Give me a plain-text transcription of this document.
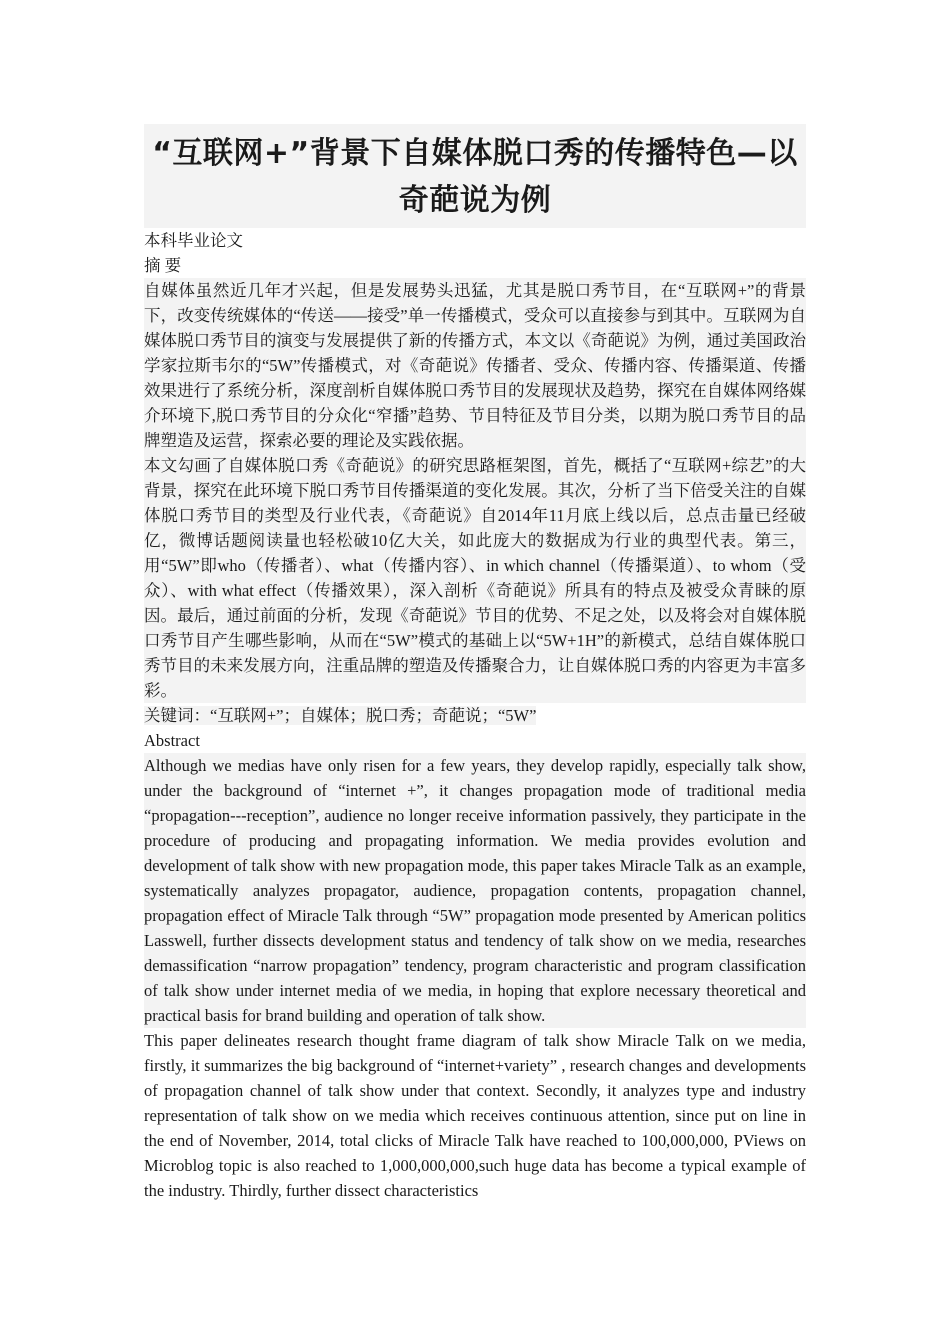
“互联网+”背景下自媒体脱口秀的传播特色—以奇葩说为例

本科毕业论文

摘 要

自媒体虽然近几年才兴起，但是发展势头迅猛，尤其是脱口秀节目，在“互联网+”的背景下，改变传统媒体的“传送——接受”单一传播模式，受众可以直接参与到其中。互联网为自媒体脱口秀节目的演变与发展提供了新的传播方式，本文以《奇葩说》为例，通过美国政治学家拉斯韦尔的“5W”传播模式，对《奇葩说》传播者、受众、传播内容、传播渠道、传播效果进行了系统分析，深度剖析自媒体脱口秀节目的发展现状及趋势，探究在自媒体网络媒介环境下,脱口秀节目的分众化“窄播”趋势、节目特征及节目分类，以期为脱口秀节目的品牌塑造及运营，探索必要的理论及实践依据。

本文勾画了自媒体脱口秀《奇葩说》的研究思路框架图，首先，概括了“互联网+综艺”的大背景，探究在此环境下脱口秀节目传播渠道的变化发展。其次，分析了当下倍受关注的自媒体脱口秀节目的类型及行业代表，《奇葩说》自2014年11月底上线以后，总点击量已经破亿，微博话题阅读量也轻松破10亿大关，如此庞大的数据成为行业的典型代表。第三，用“5W”即who（传播者）、what（传播内容）、in which channel（传播渠道）、to whom（受众）、with what effect（传播效果），深入剖析《奇葩说》所具有的特点及被受众青睐的原因。最后，通过前面的分析，发现《奇葩说》节目的优势、不足之处，以及将会对自媒体脱口秀节目产生哪些影响，从而在“5W”模式的基础上以“5W+1H”的新模式，总结自媒体脱口秀节目的未来发展方向，注重品牌的塑造及传播聚合力，让自媒体脱口秀的内容更为丰富多彩。

关键词：“互联网+”；自媒体；脱口秀；奇葩说；“5W”

Abstract

Although we medias have only risen for a few years, they develop rapidly, especially talk show, under the background of “internet +”, it changes propagation mode of traditional media “propagation---reception”, audience no longer receive information passively, they participate in the procedure of producing and propagating information. We media provides evolution and development of talk show with new propagation mode, this paper takes Miracle Talk as an example, systematically analyzes propagator, audience, propagation contents, propagation channel, propagation effect of Miracle Talk through “5W” propagation mode presented by American politics Lasswell, further dissects development status and tendency of talk show on we media, researches demassification “narrow propagation” tendency, program characteristic and program classification of talk show under internet media of we media, in hoping that explore necessary theoretical and practical basis for brand building and operation of talk show.

This paper delineates research thought frame diagram of talk show Miracle Talk on we media, firstly, it summarizes the big background of “internet+variety” , research changes and developments of propagation channel of talk show under that context. Secondly, it analyzes type and industry representation of talk show on we media which receives continuous attention, since put on line in the end of November, 2014, total clicks of Miracle Talk have reached to 100,000,000, PViews on Microblog topic is also reached to 1,000,000,000,such huge data has become a typical example of the industry. Thirdly, further dissect characteristics
